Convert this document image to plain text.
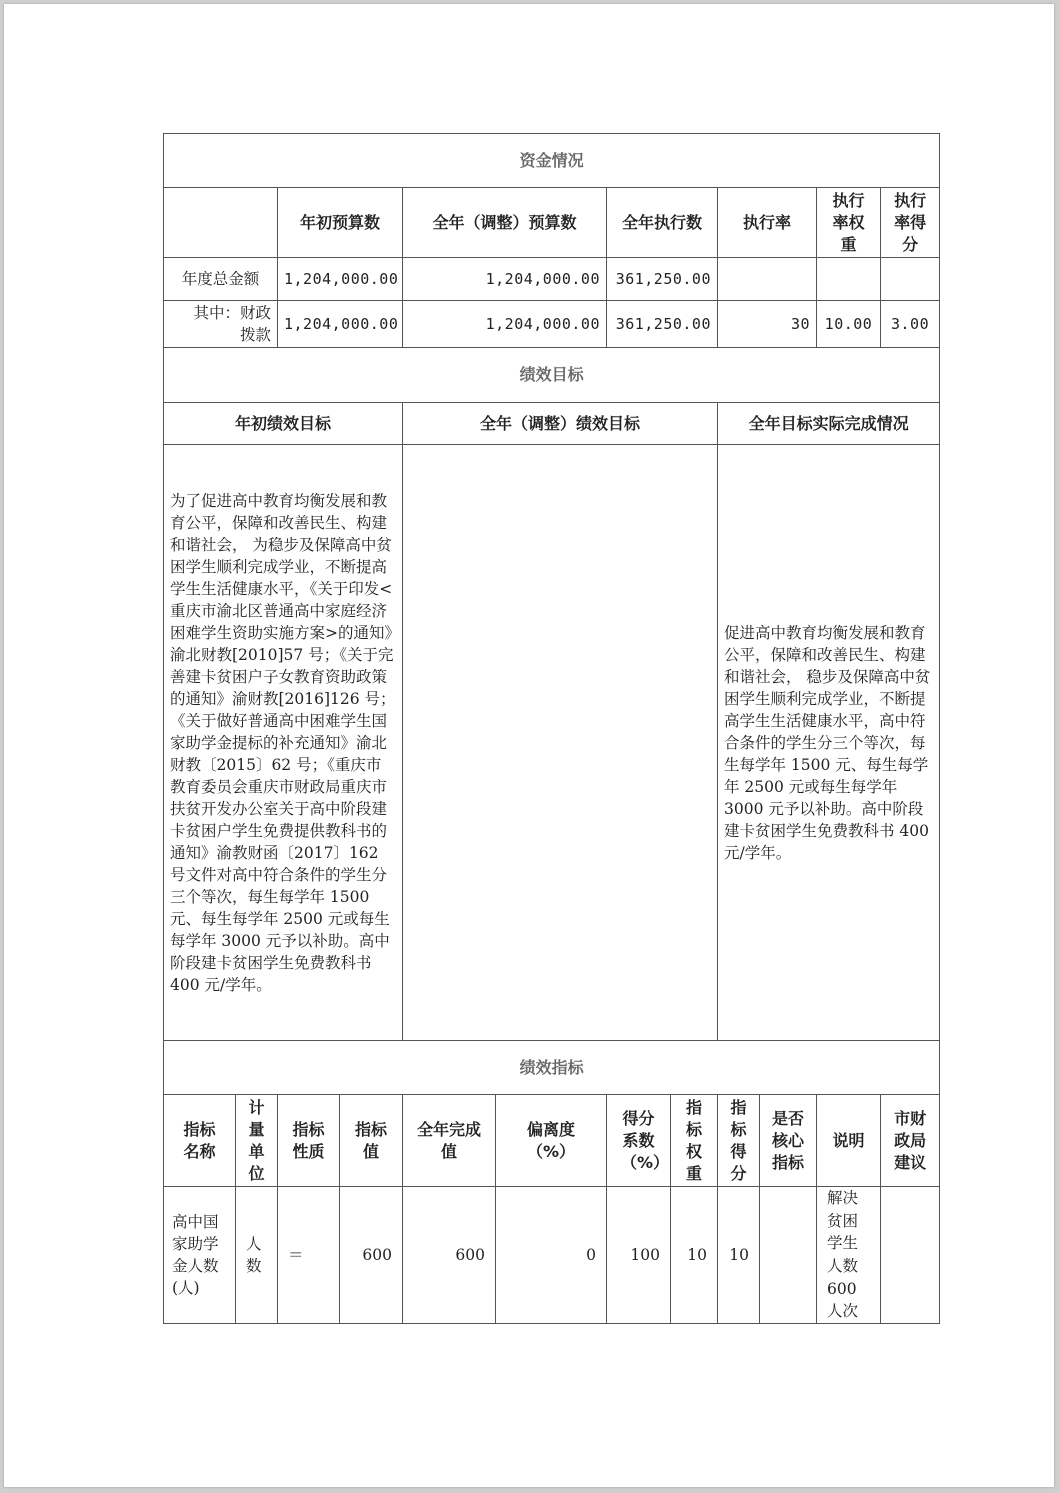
资金情况											
		年初预算数		全年（调整）预算数		全年执行数		执行率		执行率权重	执行率得分
年度总金额		1,204,000.00		1,204,000.00		361,250.00					

其中：财政
拨款		1,204,000.00		1,204,000.00		361,250.00		30		10.00	3.00
绩效目标											
年初绩效目标				全年（调整）绩效目标				全年目标实际完成情况			
为了促进高中教育均衡发展和教育公平，保障和改善民生、构建和谐社会， 为稳步及保障高中贫困学生顺利完成学业，不断提高学生生活健康水平，《关于印发<重庆市渝北区普通高中家庭经济困难学生资助实施方案>的通知》渝北财教[2010]57 号；《关于完善建卡贫困户子女教育资助政策的通知》渝财教[2016]126 号；《关于做好普通高中困难学生国家助学金提标的补充通知》渝北财教〔2015〕62 号；《重庆市教育委员会重庆市财政局重庆市扶贫开发办公室关于高中阶段建卡贫困户学生免费提供教科书的通知》渝教财函〔2017〕162 号文件对高中符合条件的学生分三个等次，每生每学年 1500 元、每生每学年 2500 元或每生每学年 3000 元予以补助。高中阶段建卡贫困学生免费教科书 400 元/学年。								促进高中教育均衡发展和教育公平，保障和改善民生、构建和谐社会， 稳步及保障高中贫困学生顺利完成学业，不断提高学生生活健康水平，高中符合条件的学生分三个等次，每生每学年 1500 元、每生每学年 2500 元或每生每学年 3000 元予以补助。高中阶段建卡贫困学生免费教科书 400 元/学年。			
绩效指标											
指标名称	计量单位	指标性质	指标值	全年完成值	偏离度（%）	得分系数（%）	指标权重	指标得分	是否核心指标	说明	市财政局建议
高中国家助学金人数(人)	人数	＝	600	600	0	100	10	10		解决贫困学生人数600人次	
